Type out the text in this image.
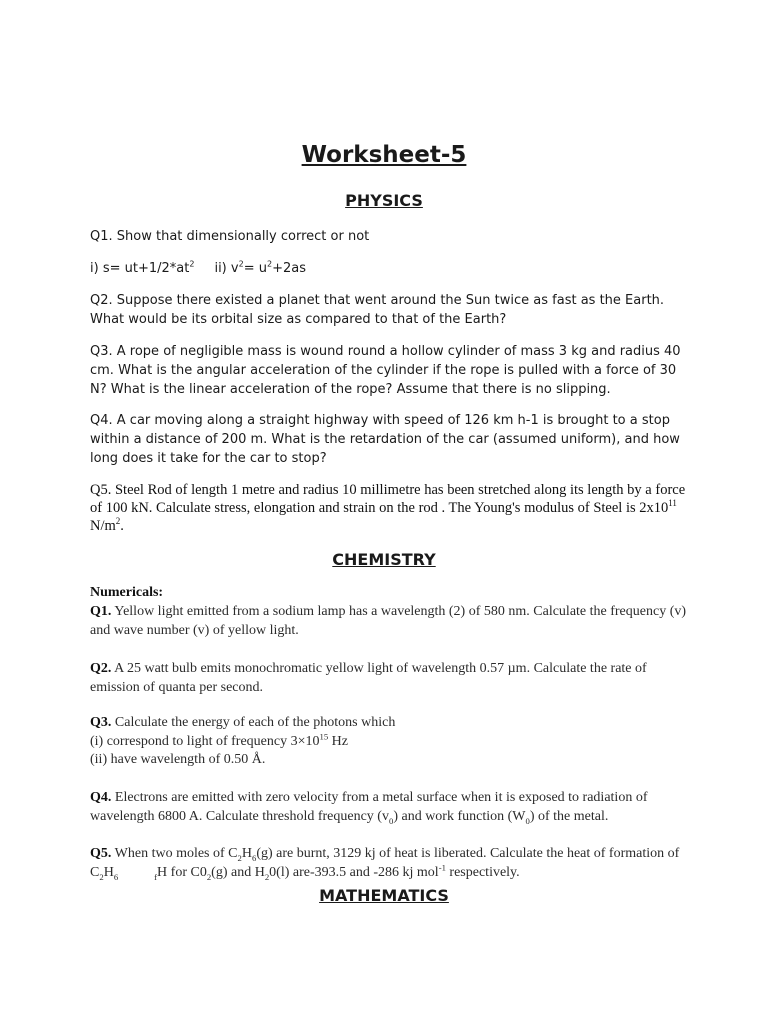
Worksheet-5
PHYSICS
Q1. Show that dimensionally correct or not
i) $s= ut+1/2*at^2$ ii) $v^2= u^2+2as$
Q2. Suppose there existed a planet that went around the Sun twice as fast as the Earth. What would be its orbital size as compared to that of the Earth?
Q3. A rope of negligible mass is wound round a hollow cylinder of mass 3 kg and radius 40 cm. What is the angular acceleration of the cylinder if the rope is pulled with a force of 30 N? What is the linear acceleration of the rope? Assume that there is no slipping.
Q4. A car moving along a straight highway with speed of 126 km h-1 is brought to a stop within a distance of 200 m. What is the retardation of the car (assumed uniform), and how long does it take for the car to stop?
Q5. Steel Rod of length 1 metre and radius 10 millimetre has been stretched along its length by a force of 100 kN. Calculate stress, elongation and strain on the rod . The Young's modulus of Steel is $2x10^{11}$ $N/m^2$.
CHEMISTRY
Numericals:
Q1. Yellow light emitted from a sodium lamp has a wavelength (2) of 580 nm. Calculate the frequency (v) and wave number (v) of yellow light.
Q2. A 25 watt bulb emits monochromatic yellow light of wavelength 0.57 µm. Calculate the rate of emission of quanta per second.
Q3. Calculate the energy of each of the photons which
(i) correspond to light of frequency $3\times 10^{15}$ Hz
(ii) have wavelength of 0.50 Å.
Q4. Electrons are emitted with zero velocity from a metal surface when it is exposed to radiation of wavelength 6800 A. Calculate threshold frequency $(v_0)$ and work function $(W_0)$ of the metal.
Q5. When two moles of $C_2H_6(g)$ are burnt, 3129 kj of heat is liberated. Calculate the heat of formation of
$C_2H_6$	$_f$H for $C0_2(g)$ and $H_20(l)$ are-393.5 and -286 kj mol$^{-1}$ respectively.
MATHEMATICS
